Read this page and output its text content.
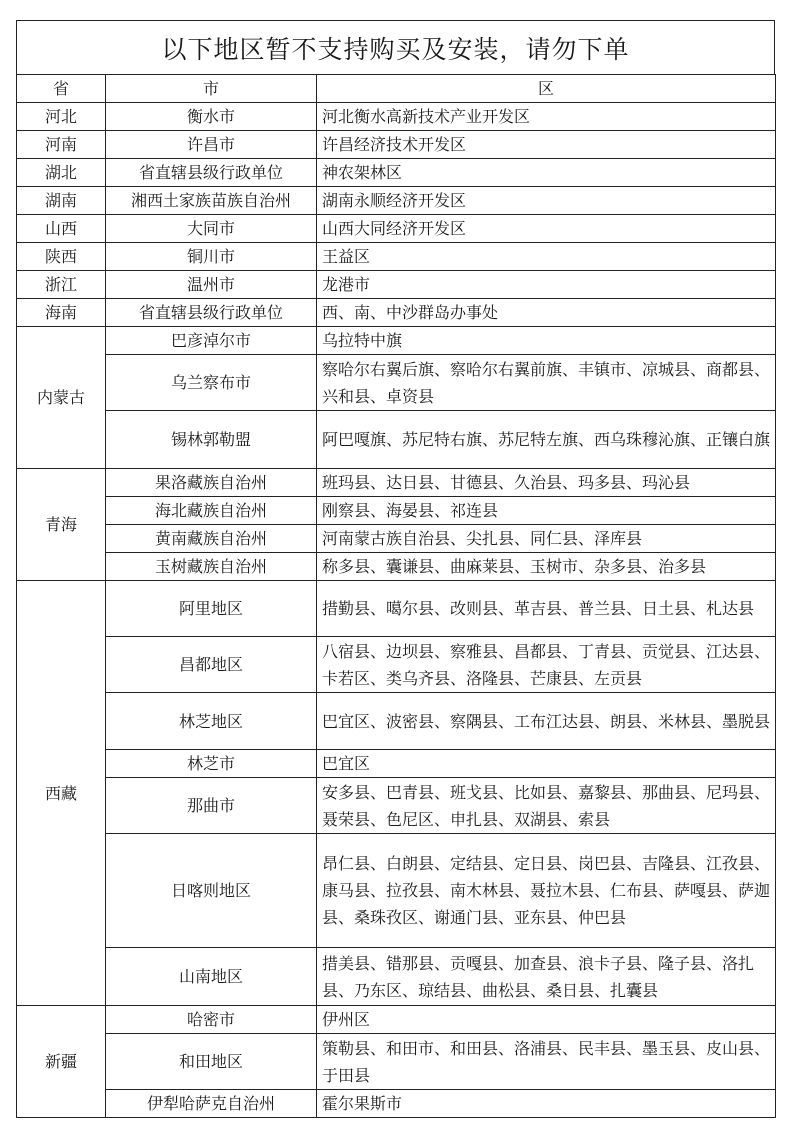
以下地区暂不支持购买及安装，请勿下单
省	市	区
河北	衡水市	河北衡水高新技术产业开发区
河南	许昌市	许昌经济技术开发区
湖北	省直辖县级行政单位	神农架林区
湖南	湘西土家族苗族自治州	湖南永顺经济开发区
山西	大同市	山西大同经济开发区
陕西	铜川市	王益区
浙江	温州市	龙港市
海南	省直辖县级行政单位	西、南、中沙群岛办事处
内蒙古	巴彦淖尔市	乌拉特中旗
	乌兰察布市	察哈尔右翼后旗、察哈尔右翼前旗、丰镇市、凉城县、商都县、兴和县、卓资县
	锡林郭勒盟	阿巴嘎旗、苏尼特右旗、苏尼特左旗、西乌珠穆沁旗、正镶白旗
青海	果洛藏族自治州	班玛县、达日县、甘德县、久治县、玛多县、玛沁县
	海北藏族自治州	刚察县、海晏县、祁连县
	黄南藏族自治州	河南蒙古族自治县、尖扎县、同仁县、泽库县
	玉树藏族自治州	称多县、囊谦县、曲麻莱县、玉树市、杂多县、治多县
西藏	阿里地区	措勤县、噶尔县、改则县、革吉县、普兰县、日土县、札达县
	昌都地区	八宿县、边坝县、察雅县、昌都县、丁青县、贡觉县、江达县、卡若区、类乌齐县、洛隆县、芒康县、左贡县
	林芝地区	巴宜区、波密县、察隅县、工布江达县、朗县、米林县、墨脱县
	林芝市	巴宜区
	那曲市	安多县、巴青县、班戈县、比如县、嘉黎县、那曲县、尼玛县、聂荣县、色尼区、申扎县、双湖县、索县
	日喀则地区	昂仁县、白朗县、定结县、定日县、岗巴县、吉隆县、江孜县、康马县、拉孜县、南木林县、聂拉木县、仁布县、萨嘎县、萨迦县、桑珠孜区、谢通门县、亚东县、仲巴县
	山南地区	措美县、错那县、贡嘎县、加查县、浪卡子县、隆子县、洛扎县、乃东区、琼结县、曲松县、桑日县、扎囊县
新疆	哈密市	伊州区
	和田地区	策勒县、和田市、和田县、洛浦县、民丰县、墨玉县、皮山县、于田县
	伊犁哈萨克自治州	霍尔果斯市
